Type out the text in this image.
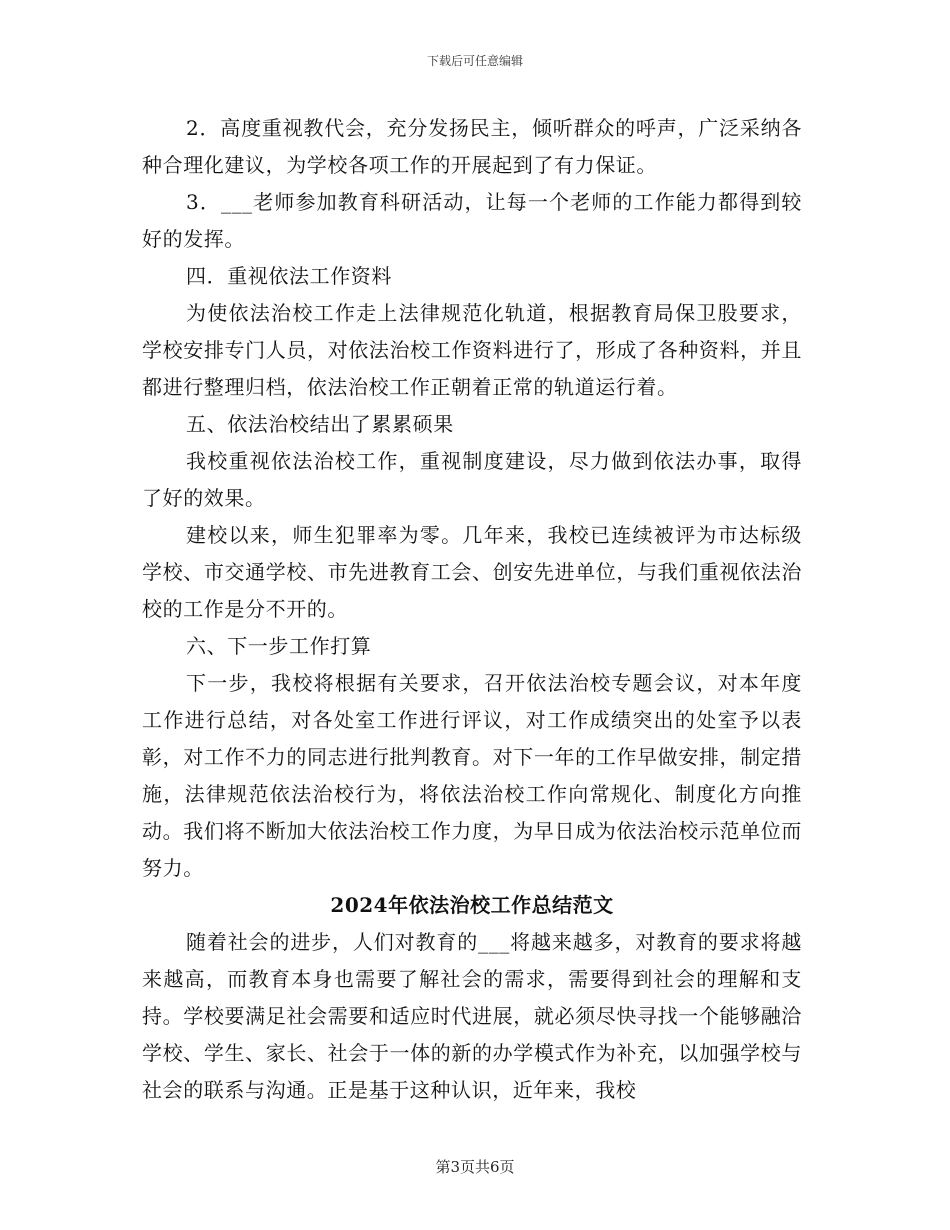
下载后可任意编辑

2．高度重视教代会，充分发扬民主，倾听群众的呼声，广泛采纳各种合理化建议，为学校各项工作的开展起到了有力保证。

3．___老师参加教育科研活动，让每一个老师的工作能力都得到较好的发挥。

四．重视依法工作资料

为使依法治校工作走上法律规范化轨道，根据教育局保卫股要求，学校安排专门人员，对依法治校工作资料进行了，形成了各种资料，并且都进行整理归档，依法治校工作正朝着正常的轨道运行着。

五、依法治校结出了累累硕果

我校重视依法治校工作，重视制度建设，尽力做到依法办事，取得了好的效果。

建校以来，师生犯罪率为零。几年来，我校已连续被评为市达标级学校、市交通学校、市先进教育工会、创安先进单位，与我们重视依法治校的工作是分不开的。

六、下一步工作打算

下一步，我校将根据有关要求，召开依法治校专题会议，对本年度工作进行总结，对各处室工作进行评议，对工作成绩突出的处室予以表彰，对工作不力的同志进行批判教育。对下一年的工作早做安排，制定措施，法律规范依法治校行为，将依法治校工作向常规化、制度化方向推动。我们将不断加大依法治校工作力度，为早日成为依法治校示范单位而努力。

2024年依法治校工作总结范文

随着社会的进步，人们对教育的___将越来越多，对教育的要求将越来越高，而教育本身也需要了解社会的需求，需要得到社会的理解和支持。学校要满足社会需要和适应时代进展，就必须尽快寻找一个能够融洽学校、学生、家长、社会于一体的新的办学模式作为补充，以加强学校与社会的联系与沟通。正是基于这种认识，近年来，我校

第3页共6页
